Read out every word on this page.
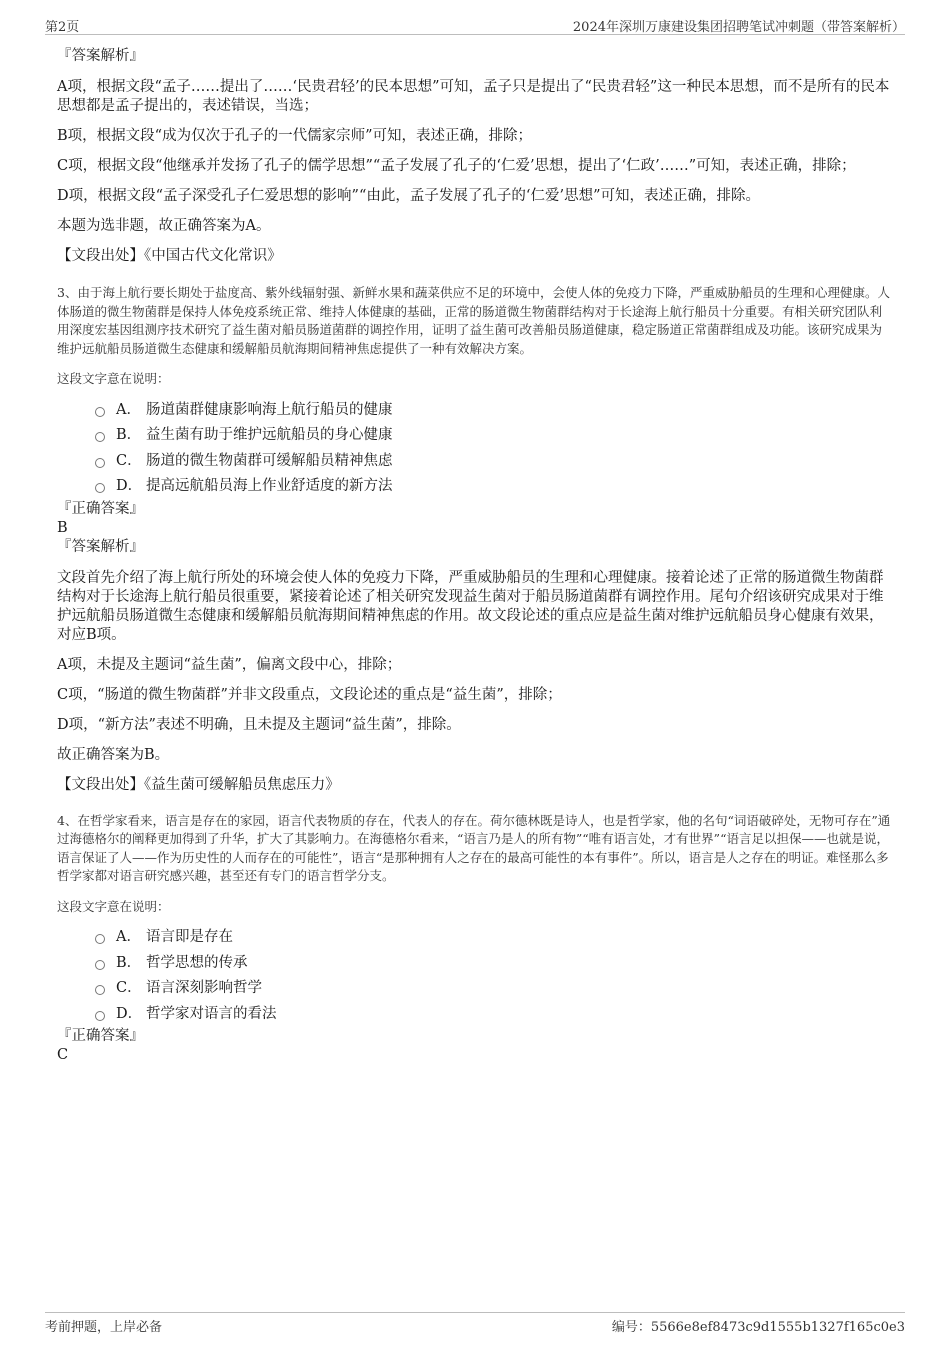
第2页	2024年深圳万康建设集团招聘笔试冲刺题（带答案解析）

『答案解析』

A项，根据文段“孟子……提出了……‘民贵君轻’的民本思想”可知，孟子只是提出了“民贵君轻”这一种民本思想，而不是所有的民本思想都是孟子提出的，表述错误，当选；

B项，根据文段“成为仅次于孔子的一代儒家宗师”可知，表述正确，排除；

C项，根据文段“他继承并发扬了孔子的儒学思想”“孟子发展了孔子的‘仁爱’思想，提出了‘仁政’……”可知，表述正确，排除；

D项，根据文段“孟子深受孔子仁爱思想的影响”“由此，孟子发展了孔子的‘仁爱’思想”可知，表述正确，排除。

本题为选非题，故正确答案为A。

【文段出处】《中国古代文化常识》

3、由于海上航行要长期处于盐度高、紫外线辐射强、新鲜水果和蔬菜供应不足的环境中，会使人体的免疫力下降，严重威胁船员的生理和心理健康。人体肠道的微生物菌群是保持人体免疫系统正常、维持人体健康的基础，正常的肠道微生物菌群结构对于长途海上航行船员十分重要。有相关研究团队利用深度宏基因组测序技术研究了益生菌对船员肠道菌群的调控作用，证明了益生菌可改善船员肠道健康，稳定肠道正常菌群组成及功能。该研究成果为维护远航船员肠道微生态健康和缓解船员航海期间精神焦虑提供了一种有效解决方案。

这段文字意在说明：

A． 肠道菌群健康影响海上航行船员的健康
B． 益生菌有助于维护远航船员的身心健康
C． 肠道的微生物菌群可缓解船员精神焦虑
D． 提高远航船员海上作业舒适度的新方法

『正确答案』

B

『答案解析』

文段首先介绍了海上航行所处的环境会使人体的免疫力下降，严重威胁船员的生理和心理健康。接着论述了正常的肠道微生物菌群结构对于长途海上航行船员很重要，紧接着论述了相关研究发现益生菌对于船员肠道菌群有调控作用。尾句介绍该研究成果对于维护远航船员肠道微生态健康和缓解船员航海期间精神焦虑的作用。故文段论述的重点应是益生菌对维护远航船员身心健康有效果，对应B项。

A项，未提及主题词“益生菌”，偏离文段中心，排除；

C项，“肠道的微生物菌群”并非文段重点，文段论述的重点是“益生菌”，排除；

D项，“新方法”表述不明确，且未提及主题词“益生菌”，排除。

故正确答案为B。

【文段出处】《益生菌可缓解船员焦虑压力》

4、在哲学家看来，语言是存在的家园，语言代表物质的存在，代表人的存在。荷尔德林既是诗人，也是哲学家，他的名句“词语破碎处，无物可存在”通过海德格尔的阐释更加得到了升华，扩大了其影响力。在海德格尔看来，“语言乃是人的所有物”“唯有语言处，才有世界”“语言足以担保——也就是说，语言保证了人——作为历史性的人而存在的可能性”，语言“是那种拥有人之存在的最高可能性的本有事件”。所以，语言是人之存在的明证。难怪那么多哲学家都对语言研究感兴趣，甚至还有专门的语言哲学分支。

这段文字意在说明：

A． 语言即是存在
B． 哲学思想的传承
C． 语言深刻影响哲学
D． 哲学家对语言的看法

『正确答案』

C

考前押题，上岸必备	编号：5566e8ef8473c9d1555b1327f165c0e3
